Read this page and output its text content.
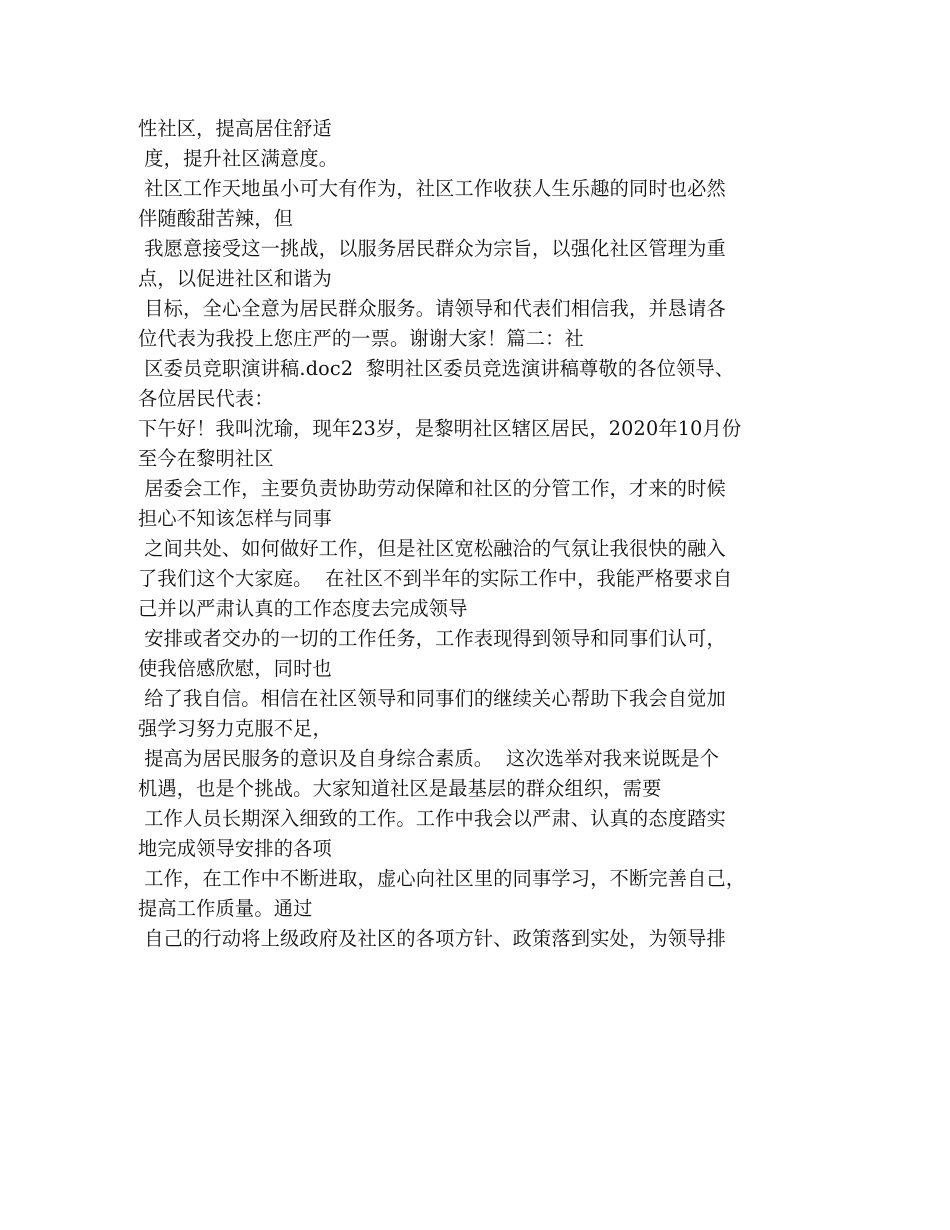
性社区，提高居住舒适
度，提升社区满意度。
社区工作天地虽小可大有作为，社区工作收获人生乐趣的同时也必然
伴随酸甜苦辣，但
我愿意接受这一挑战，以服务居民群众为宗旨，以强化社区管理为重
点，以促进社区和谐为
目标，全心全意为居民群众服务。请领导和代表们相信我，并恳请各
位代表为我投上您庄严的一票。谢谢大家！篇二：社
区委员竞职演讲稿.doc2  黎明社区委员竞选演讲稿尊敬的各位领导、
各位居民代表：
下午好！我叫沈瑜，现年23岁，是黎明社区辖区居民，2020年10月份
至今在黎明社区
居委会工作，主要负责协助劳动保障和社区的分管工作，才来的时候
担心不知该怎样与同事
之间共处、如何做好工作，但是社区宽松融洽的气氛让我很快的融入
了我们这个大家庭。  在社区不到半年的实际工作中，我能严格要求自
己并以严肃认真的工作态度去完成领导
安排或者交办的一切的工作任务，工作表现得到领导和同事们认可，
使我倍感欣慰，同时也
给了我自信。相信在社区领导和同事们的继续关心帮助下我会自觉加
强学习努力克服不足，
提高为居民服务的意识及自身综合素质。  这次选举对我来说既是个
机遇，也是个挑战。大家知道社区是最基层的群众组织，需要
工作人员长期深入细致的工作。工作中我会以严肃、认真的态度踏实
地完成领导安排的各项
工作，在工作中不断进取，虚心向社区里的同事学习，不断完善自己，
提高工作质量。通过
自己的行动将上级政府及社区的各项方针、政策落到实处，为领导排
